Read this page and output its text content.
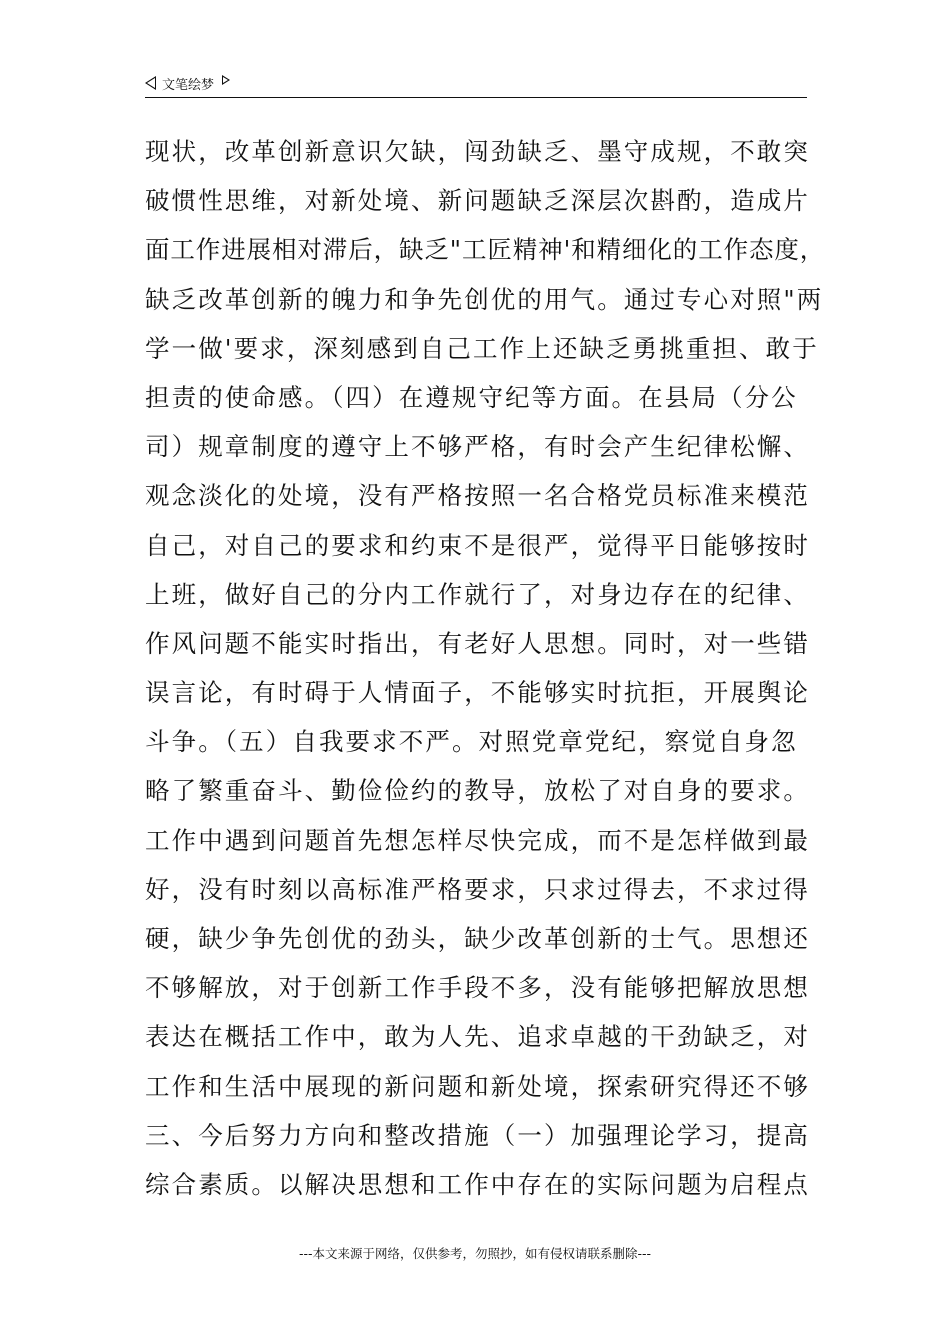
文笔绘梦
现状，改革创新意识欠缺，闯劲缺乏、墨守成规，不敢突
破惯性思维，对新处境、新问题缺乏深层次斟酌，造成片
面工作进展相对滞后，缺乏"工匠精神'和精细化的工作态度，
缺乏改革创新的魄力和争先创优的用气。通过专心对照"两
学一做'要求，深刻感到自己工作上还缺乏勇挑重担、敢于
担责的使命感。（四）在遵规守纪等方面。在县局（分公
司）规章制度的遵守上不够严格，有时会产生纪律松懈、
观念淡化的处境，没有严格按照一名合格党员标准来模范
自己，对自己的要求和约束不是很严，觉得平日能够按时
上班，做好自己的分内工作就行了，对身边存在的纪律、
作风问题不能实时指出，有老好人思想。同时，对一些错
误言论，有时碍于人情面子，不能够实时抗拒，开展舆论
斗争。（五）自我要求不严。对照党章党纪，察觉自身忽
略了繁重奋斗、勤俭俭约的教导，放松了对自身的要求。
工作中遇到问题首先想怎样尽快完成，而不是怎样做到最
好，没有时刻以高标准严格要求，只求过得去，不求过得
硬，缺少争先创优的劲头，缺少改革创新的士气。思想还
不够解放，对于创新工作手段不多，没有能够把解放思想
表达在概括工作中，敢为人先、追求卓越的干劲缺乏，对
工作和生活中展现的新问题和新处境，探索研究得还不够
三、今后努力方向和整改措施（一）加强理论学习，提高
综合素质。以解决思想和工作中存在的实际问题为启程点
---本文来源于网络，仅供参考，勿照抄，如有侵权请联系删除---
